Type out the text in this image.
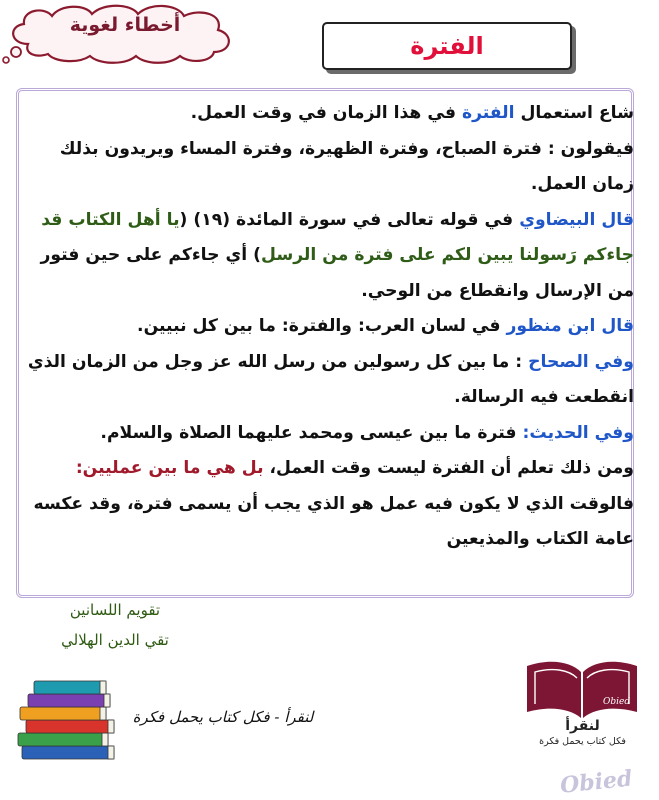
أخطاء لغوية
الفترة

شاع استعمال الفترة في هذا الزمان في وقت العمل.

فيقولون : فترة الصباح، وفترة الظهيرة، وفترة المساء ويريدون بذلك زمان العمل.

قال البيضاوي في قوله تعالى في سورة المائدة (١٩) (يا أهل الكتاب قد جاءكم رَسولنا يبين لكم على فترة من الرسل) أي جاءكم على حين فتور من الإرسال وانقطاع من الوحي.

قال ابن منظور في لسان العرب: والفترة: ما بين كل نبيين.

وفي الصحاح : ما بين كل رسولين من رسل الله عز وجل من الزمان الذي انقطعت فيه الرسالة.

وفي الحديث: فترة ما بين عيسى ومحمد عليهما الصلاة والسلام.

ومن ذلك تعلم أن الفترة ليست وقت العمل، بل هي ما بين عمليين: فالوقت الذي لا يكون فيه عمل هو الذي يجب أن يسمى فترة، وقد عكسه عامة الكتاب والمذيعين

تقويم اللسانين
تقي الدين الهلالي
لنقرأ - فكل كتاب يحمل فكرة
Obied
لنقرأ
فكل كتاب يحمل فكرة
Obied
